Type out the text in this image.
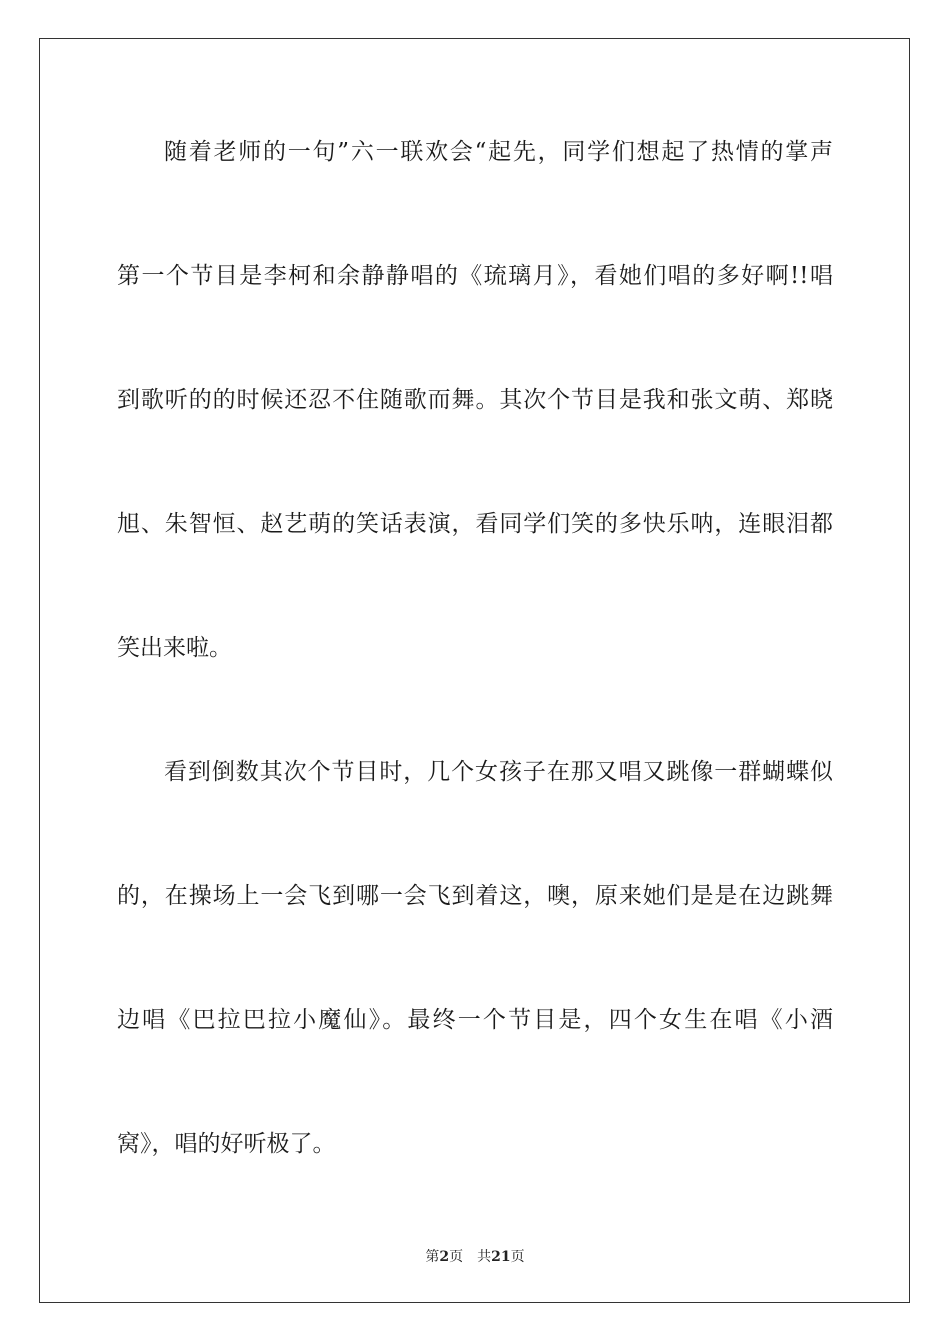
随着老师的一句”六一联欢会“起先，同学们想起了热情的掌声
第一个节目是李柯和余静静唱的《琉璃月》，看她们唱的多好啊!!唱
到歌听的的时候还忍不住随歌而舞。其次个节目是我和张文萌、郑晓
旭、朱智恒、赵艺萌的笑话表演，看同学们笑的多快乐呐，连眼泪都
笑出来啦。
看到倒数其次个节目时，几个女孩子在那又唱又跳像一群蝴蝶似
的，在操场上一会飞到哪一会飞到着这，噢，原来她们是是在边跳舞
边唱《巴拉巴拉小魔仙》。最终一个节目是，四个女生在唱《小酒
窝》，唱的好听极了。
第2页 共21页
